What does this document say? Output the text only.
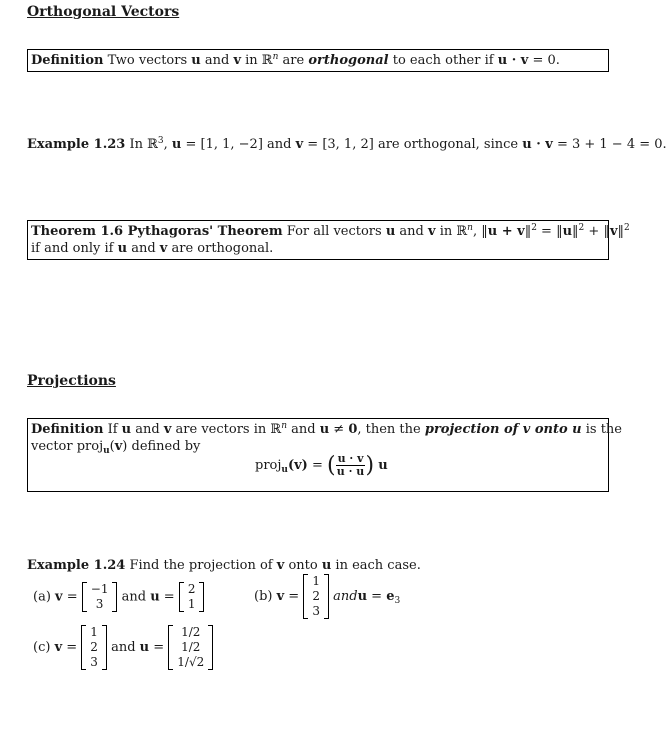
Orthogonal Vectors
Definition Two vectors u and v in ℝ$^n$ are orthogonal to each other if u · v = 0.
Example 1.23 In ℝ$^3$, u = [1, 1, −2] and v = [3, 1, 2] are orthogonal, since u · v = 3 + 1 − 4 = 0.
Theorem 1.6 Pythagoras' Theorem For all vectors u and v in ℝ$^n$, ‖u + v‖$^2$ = ‖u‖$^2$ + ‖v‖$^2$
if and only if u and v are orthogonal.
Projections
Definition If u and v are vectors in ℝ$^n$ and u ≠ 0, then the projection of v onto u is the
vector proj$_u$(v) defined by
proj$_u$(v) = ( $\frac{u \cdot v}{u \cdot u}$ ) u
Example 1.24 Find the projection of v onto u in each case.
(a) v =
−1
3 and u =
2
1	(b) v =
1
2
3
andu = $e_3$
(c) v =
1
2
3
and u =
1/2
1/2
1/√2
